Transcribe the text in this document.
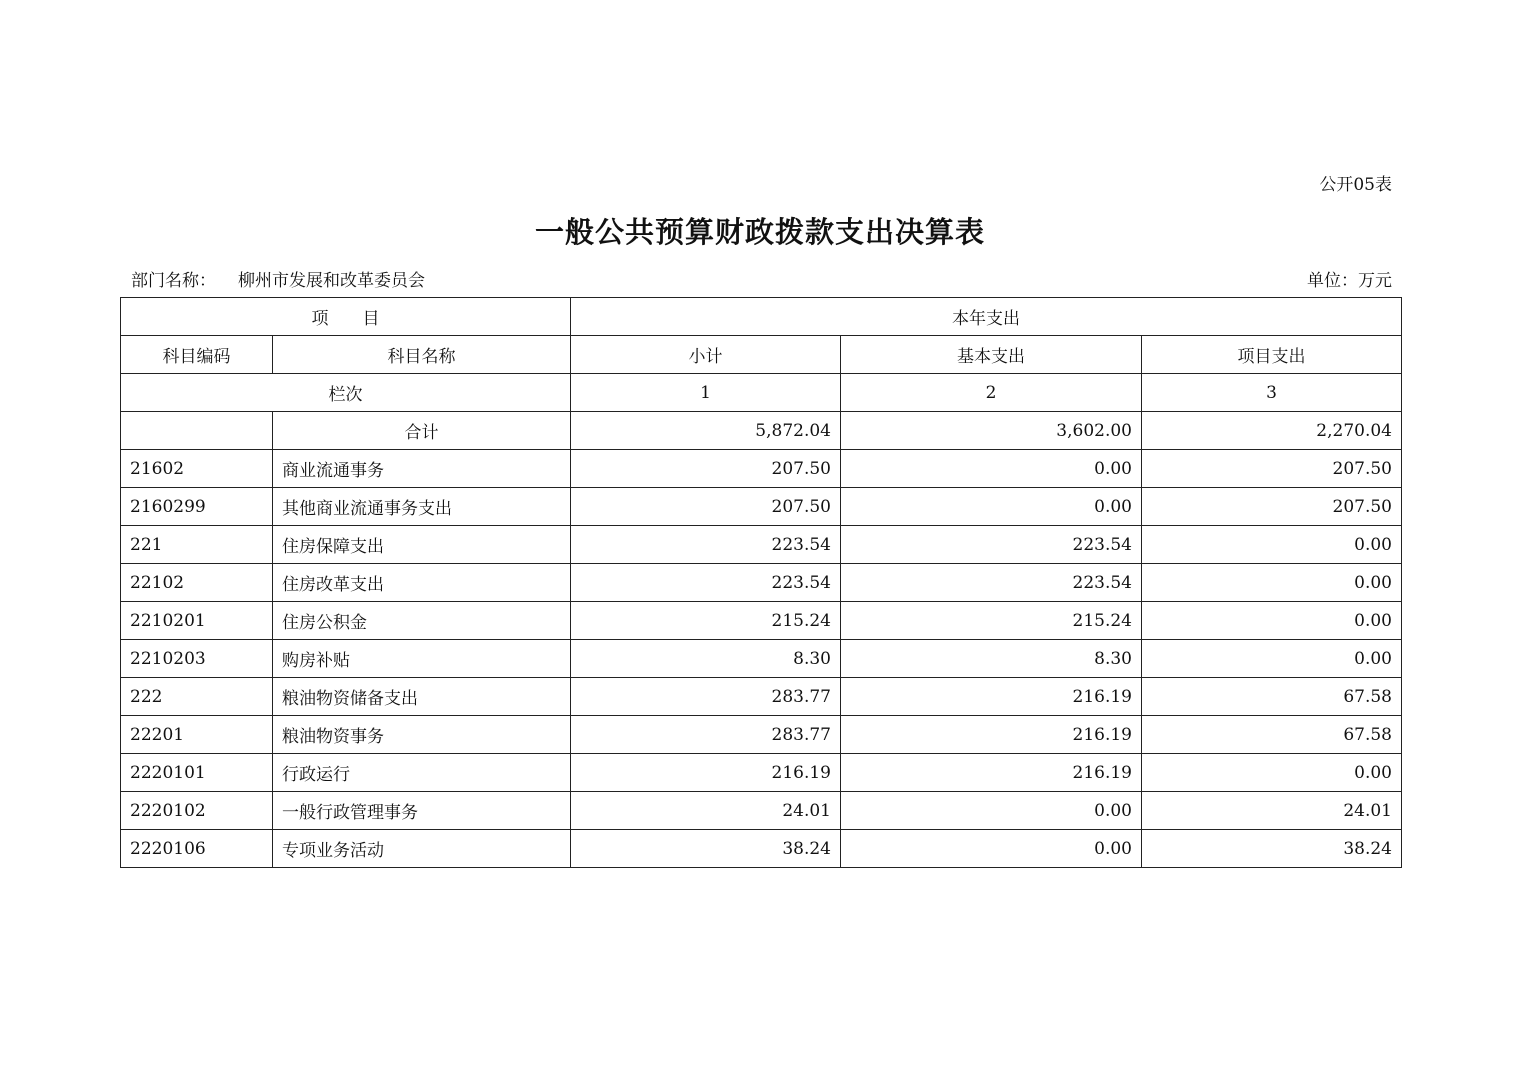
公开05表
一般公共预算财政拨款支出决算表
部门名称： 柳州市发展和改革委员会	单位：万元
项　　目		本年支出		
科目编码	科目名称	小计	基本支出	项目支出
栏次		1	2	3
	合计	5,872.04	3,602.00	2,270.04
21602	商业流通事务	207.50	0.00	207.50
2160299	其他商业流通事务支出	207.50	0.00	207.50
221	住房保障支出	223.54	223.54	0.00
22102	住房改革支出	223.54	223.54	0.00
2210201	住房公积金	215.24	215.24	0.00
2210203	购房补贴	8.30	8.30	0.00
222	粮油物资储备支出	283.77	216.19	67.58
22201	粮油物资事务	283.77	216.19	67.58
2220101	行政运行	216.19	216.19	0.00
2220102	一般行政管理事务	24.01	0.00	24.01
2220106	专项业务活动	38.24	0.00	38.24
